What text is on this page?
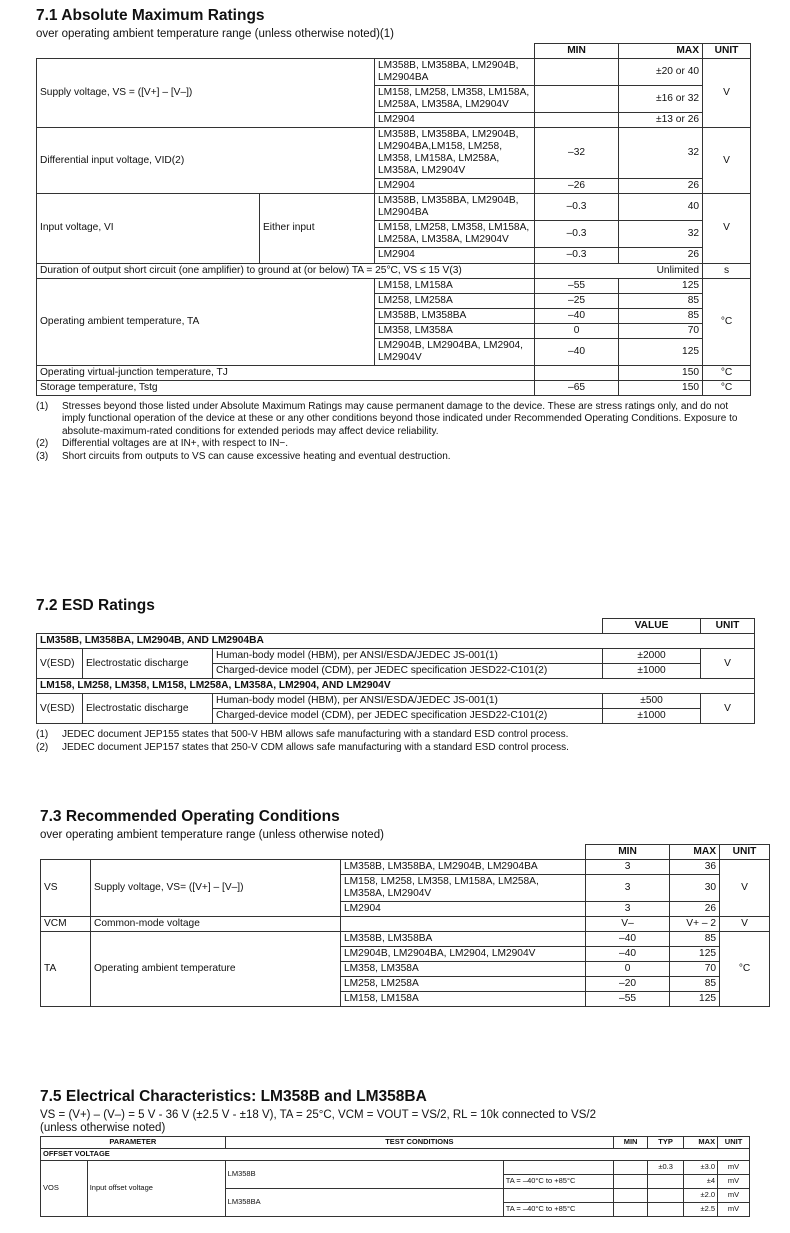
7.1 Absolute Maximum Ratings
over operating ambient temperature range (unless otherwise noted)(1)
			MIN	MAX	UNIT
Supply voltage, VS = ([V+] – [V–])		LM358B, LM358BA, LM2904B, LM2904BA		±20 or 40	V
		LM158, LM258, LM358, LM158A, LM258A, LM358A, LM2904V		±16 or 32	
		LM2904		±13 or 26	
Differential input voltage, VID(2)		LM358B, LM358BA, LM2904B, LM2904BA,LM158, LM258, LM358, LM158A, LM258A, LM358A, LM2904V	–32	32	V
		LM2904	–26	26	
Input voltage, VI	Either input	LM358B, LM358BA, LM2904B, LM2904BA	–0.3	40	V
		LM158, LM258, LM358, LM158A, LM258A, LM358A, LM2904V	–0.3	32	
		LM2904	–0.3	26	
Duration of output short circuit (one amplifier) to ground at (or below) TA = 25°C, VS ≤ 15 V(3)			Unlimited		s
Operating ambient temperature, TA		LM158, LM158A	–55	125	°C
		LM258, LM258A	–25	85	
		LM358B, LM358BA	–40	85	
		LM358, LM358A	0	70	
		LM2904B, LM2904BA, LM2904, LM2904V	–40	125	
Operating virtual-junction temperature, TJ				150	°C
Storage temperature, Tstg			–65	150	°C
(1)	Stresses beyond those listed under Absolute Maximum Ratings may cause permanent damage to the device. These are stress ratings only, and do not imply functional operation of the device at these or any other conditions beyond those indicated under Recommended Operating Conditions. Exposure to absolute-maximum-rated conditions for extended periods may affect device reliability.
(2)	Differential voltages are at IN+, with respect to IN−.
(3)	Short circuits from outputs to VS can cause excessive heating and eventual destruction.
7.2 ESD Ratings
			VALUE	UNIT
LM358B, LM358BA, LM2904B, AND LM2904BA				
V(ESD)	Electrostatic discharge	Human-body model (HBM), per ANSI/ESDA/JEDEC JS-001(1)	±2000	V
		Charged-device model (CDM), per JEDEC specification JESD22-C101(2)	±1000	
LM158, LM258, LM358, LM158, LM258A, LM358A, LM2904, AND LM2904V				
V(ESD)	Electrostatic discharge	Human-body model (HBM), per ANSI/ESDA/JEDEC JS-001(1)	±500	V
		Charged-device model (CDM), per JEDEC specification JESD22-C101(2)	±1000	
(1)	JEDEC document JEP155 states that 500-V HBM allows safe manufacturing with a standard ESD control process.
(2)	JEDEC document JEP157 states that 250-V CDM allows safe manufacturing with a standard ESD control process.
7.3 Recommended Operating Conditions
over operating ambient temperature range (unless otherwise noted)
			MIN	MAX	UNIT
VS	Supply voltage, VS= ([V+] – [V–])	LM358B, LM358BA, LM2904B, LM2904BA	3	36	V
		LM158, LM258, LM358, LM158A, LM258A, LM358A, LM2904V	3	30	
		LM2904	3	26	
VCM	Common-mode voltage		V–	V+ – 2	V
TA	Operating ambient temperature	LM358B, LM358BA	–40	85	°C
		LM2904B, LM2904BA, LM2904, LM2904V	–40	125	
		LM358, LM358A	0	70	
		LM258, LM258A	–20	85	
		LM158, LM158A	–55	125	
7.5 Electrical Characteristics: LM358B and LM358BA
VS = (V+) – (V–) = 5 V - 36 V (±2.5 V - ±18 V), TA = 25°C, VCM = VOUT = VS/2, RL = 10k connected to VS/2
(unless otherwise noted)
PARAMETER		TEST CONDITIONS		MIN	TYP	MAX	UNIT
OFFSET VOLTAGE							
VOS	Input offset voltage	LM358B			±0.3	±3.0	mV
			TA = –40°C to +85°C			±4	mV
		LM358BA				±2.0	mV
			TA = –40°C to +85°C			±2.5	mV
